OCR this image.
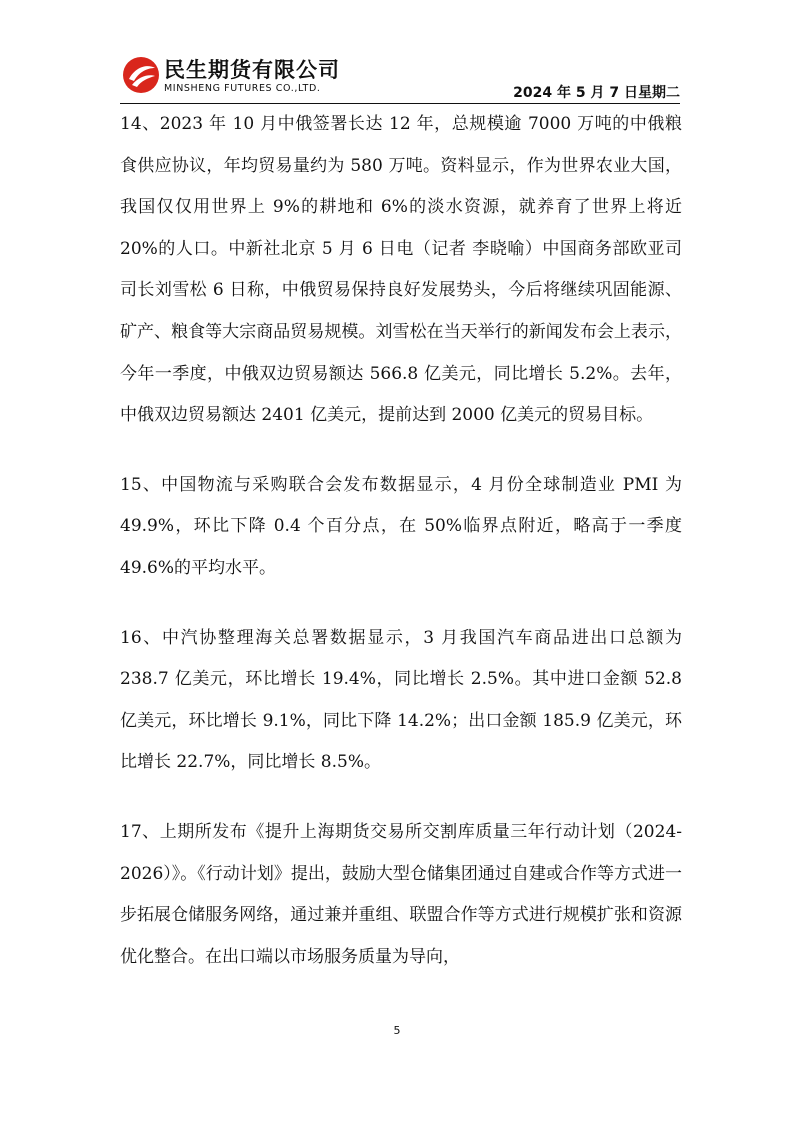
民生期货有限公司
MINSHENG FUTURES CO.,LTD.	2024 年 5 月 7 日星期二

14、2023 年 10 月中俄签署长达 12 年，总规模逾 7000 万吨的中俄粮食供应协议，年均贸易量约为 580 万吨。资料显示，作为世界农业大国，我国仅仅用世界上 9%的耕地和 6%的淡水资源，就养育了世界上将近 20%的人口。中新社北京 5 月 6 日电（记者 李晓喻）中国商务部欧亚司司长刘雪松 6 日称，中俄贸易保持良好发展势头，今后将继续巩固能源、矿产、粮食等大宗商品贸易规模。刘雪松在当天举行的新闻发布会上表示，今年一季度，中俄双边贸易额达 566.8 亿美元，同比增长 5.2%。去年，中俄双边贸易额达 2401 亿美元，提前达到 2000 亿美元的贸易目标。

15、中国物流与采购联合会发布数据显示，4 月份全球制造业 PMI 为 49.9%，环比下降 0.4 个百分点，在 50%临界点附近，略高于一季度 49.6%的平均水平。

16、中汽协整理海关总署数据显示，3 月我国汽车商品进出口总额为 238.7 亿美元，环比增长 19.4%，同比增长 2.5%。其中进口金额 52.8 亿美元，环比增长 9.1%，同比下降 14.2%；出口金额 185.9 亿美元，环比增长 22.7%，同比增长 8.5%。

17、上期所发布《提升上海期货交易所交割库质量三年行动计划（2024-2026）》。《行动计划》提出，鼓励大型仓储集团通过自建或合作等方式进一步拓展仓储服务网络，通过兼并重组、联盟合作等方式进行规模扩张和资源优化整合。在出口端以市场服务质量为导向，

5
